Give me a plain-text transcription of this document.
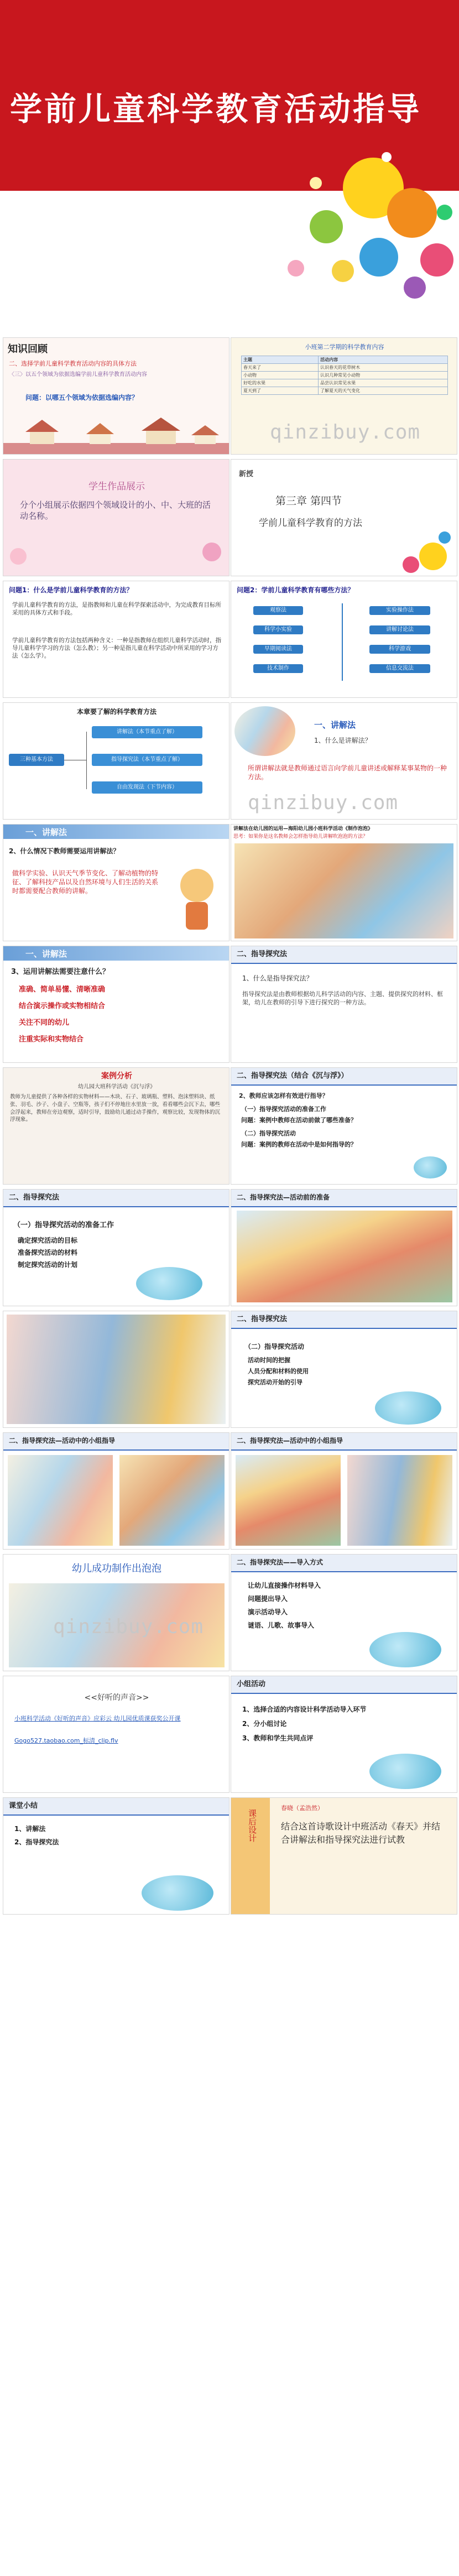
学前儿童科学教育活动指导
知识回顾
二、选择学前儿童科学教育活动内容的具体方法
〈三〉以五个领域为依据选编学前儿童科学教育活动内容
问题：以哪五个领域为依据选编内容？
小班第二学期的科学教育内容
主题	活动内容
春天来了	认识春天的花草树木
小动物	认识几种常见小动物
好吃的水果	品尝认识常见水果
夏天到了	了解夏天的天气变化
qinzibuy.com
学生作品展示
分个小组展示依据四个领域设计的小、中、大班的活动名称。
新授
第三章 第四节
学前儿童科学教育的方法
问题1：什么是学前儿童科学教育的方法？
学前儿童科学教育的方法，是指教师和儿童在科学探索活动中，为完成教育目标所采用的具体方式和手段。
学前儿童科学教育的方法包括两种含义：一种是指教师在组织儿童科学活动时，指导儿童科学学习的方法（怎么教）；另一种是指儿童在科学活动中所采用的学习方法（怎么学）。
问题2：学前儿童科学教育有哪些方法？
观察法	实验操作法
科学小实验	讲解讨论法
早期阅读法	科学游戏
技术制作	信息交流法
本章要了解的科学教育方法
三种基本方法
讲解法（本节重点了解）
指导探究法（本节重点了解）
自由发现法（下节内容）
一、讲解法
1、什么是讲解法？
所谓讲解法就是教师通过语言向学前儿童讲述或解释某事某物的一种方法。
qinzibuy.com
一、讲解法
2、什么情况下教师需要运用讲解法？
做科学实验、认识天气季节变化、了解动植物的特征、了解科技产品以及自然环境与人们生活的关系时都需要配合教师的讲解。
讲解法在幼儿园的运用—海阳幼儿园小班科学活动《制作泡泡》
思考：如果你是这名教师会怎样指导幼儿讲解吹泡泡的方法？
一、讲解法
3、运用讲解法需要注意什么？
准确、简单易懂、清晰准确
结合演示操作或实物相结合
关注不同的幼儿
注重实际和实物结合
二、指导探究法
1、什么是指导探究法？
指导探究法是由教师根据幼儿科学活动的内容、主题、提供探究的材料、框架，幼儿在教师的引导下进行探究的一种方法。
案例分析
幼儿园大班科学活动《沉与浮》
教师为儿童提供了各种各样的实物材料——木块、石子、玻璃瓶、塑料、泡沫塑料块、纸张、羽毛、沙子、小盘子、空瓶等，孩子们不停地往水里放一放，看看哪些会沉下去，哪些会浮起来，教师在旁边观察，适时引导，鼓励幼儿通过动手操作，观察比较，发现物体的沉浮现象。
二、指导探究法（结合《沉与浮》）
2、教师应该怎样有效进行指导？
（一）指导探究活动的准备工作
问题：案例中教师在活动前做了哪些准备？
（二）指导探究活动
问题：案例的教师在活动中是如何指导的？
二、指导探究法
（一）指导探究活动的准备工作
确定探究活动的目标
准备探究活动的材料
制定探究活动的计划
二、指导探究法—活动前的准备
二、指导探究法
（二）指导探究活动
活动时间的把握
人员分配和材料的使用
探究活动开始的引导
二、指导探究法—活动中的小组指导	二、指导探究法—活动中的小组指导
幼儿成功制作出泡泡
qinzibuy.com
二、指导探究法——导入方式
让幼儿直接操作材料导入
问题提出导入
演示活动导入
谜语、儿歌、故事导入
<<好听的声音>>
小班科学活动《好听的声音》应彩云 幼儿园优质课获奖公开课
Gogo527.taobao.com_标清_clip.flv
小组活动
1、选择合适的内容设计科学活动导入环节
2、分小组讨论
3、教师和学生共同点评
课堂小结
1、讲解法
2、指导探究法	课后设计
春晓（孟浩然）
结合这首诗歌设计中班活动《春天》并结合讲解法和指导探究法进行试教
